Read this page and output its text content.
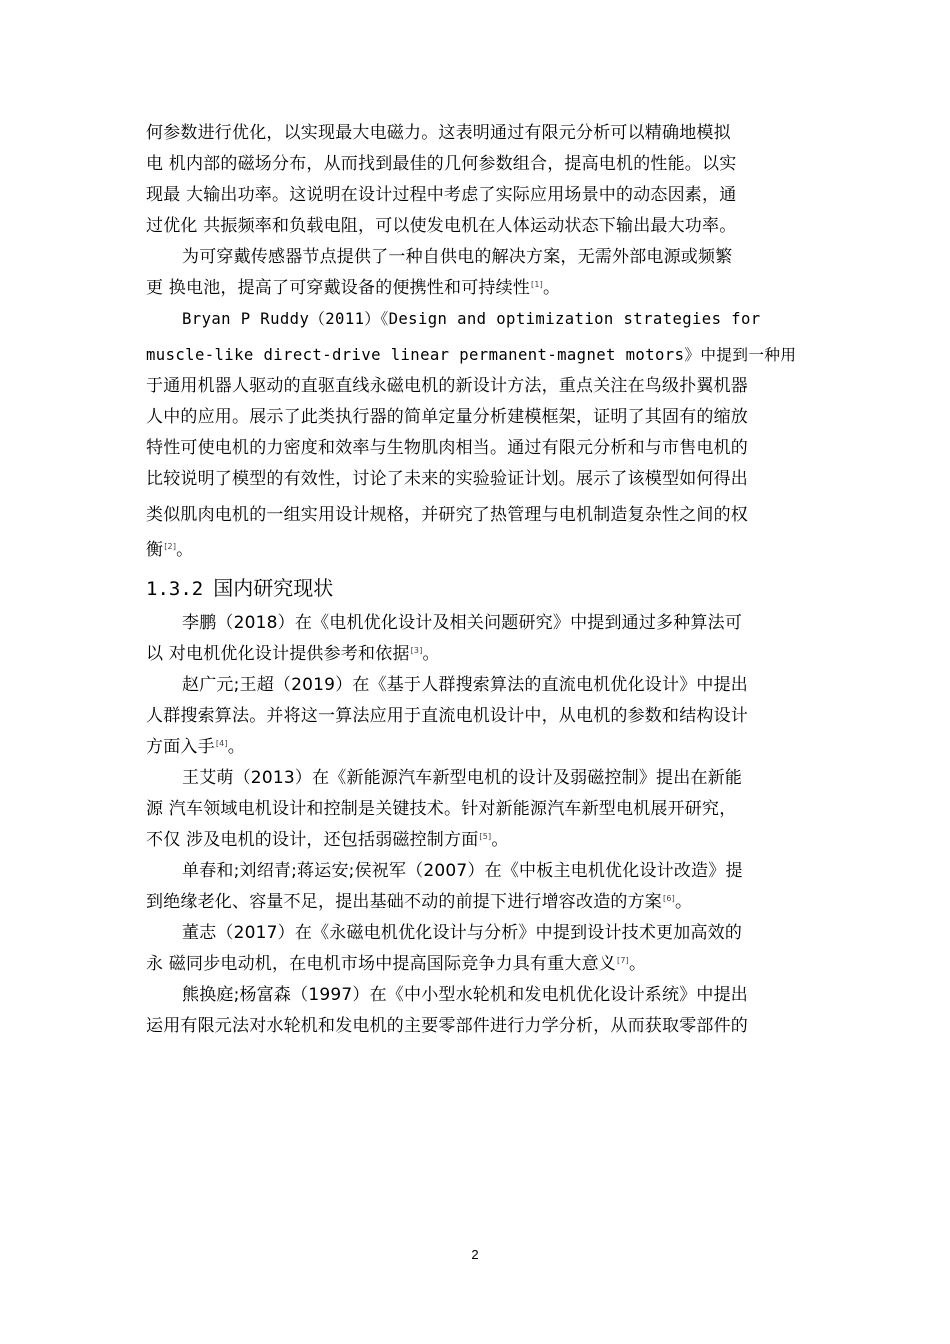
何参数进行优化，以实现最大电磁力。这表明通过有限元分析可以精确地模拟
电 机内部的磁场分布，从而找到最佳的几何参数组合，提高电机的性能。以实
现最 大输出功率。这说明在设计过程中考虑了实际应用场景中的动态因素，通
过优化 共振频率和负载电阻，可以使发电机在人体运动状态下输出最大功率。
为可穿戴传感器节点提供了一种自供电的解决方案，无需外部电源或频繁
更 换电池，提高了可穿戴设备的便携性和可持续性[1]。
Bryan P Ruddy（2011）《Design and optimization strategies for
muscle-like direct-drive linear permanent-magnet motors》中提到一种用
于通用机器人驱动的直驱直线永磁电机的新设计方法，重点关注在鸟级扑翼机器
人中的应用。展示了此类执行器的简单定量分析建模框架，证明了其固有的缩放
特性可使电机的力密度和效率与生物肌肉相当。通过有限元分析和与市售电机的
比较说明了模型的有效性，讨论了未来的实验验证计划。展示了该模型如何得出
类似肌肉电机的一组实用设计规格，并研究了热管理与电机制造复杂性之间的权
衡[2]。
1.3.2 国内研究现状
李鹏（2018）在《电机优化设计及相关问题研究》中提到通过多种算法可
以 对电机优化设计提供参考和依据[3]。
赵广元;王超（2019）在《基于人群搜索算法的直流电机优化设计》中提出
人群搜索算法。并将这一算法应用于直流电机设计中，从电机的参数和结构设计
方面入手[4]。
王艾萌（2013）在《新能源汽车新型电机的设计及弱磁控制》提出在新能
源 汽车领域电机设计和控制是关键技术。针对新能源汽车新型电机展开研究，
不仅 涉及电机的设计，还包括弱磁控制方面[5]。
单春和;刘绍青;蒋运安;侯祝军（2007）在《中板主电机优化设计改造》提
到绝缘老化、容量不足，提出基础不动的前提下进行增容改造的方案[6]。
董志（2017）在《永磁电机优化设计与分析》中提到设计技术更加高效的
永 磁同步电动机，在电机市场中提高国际竞争力具有重大意义[7]。
熊换庭;杨富森（1997）在《中小型水轮机和发电机优化设计系统》中提出
运用有限元法对水轮机和发电机的主要零部件进行力学分析，从而获取零部件的
2
